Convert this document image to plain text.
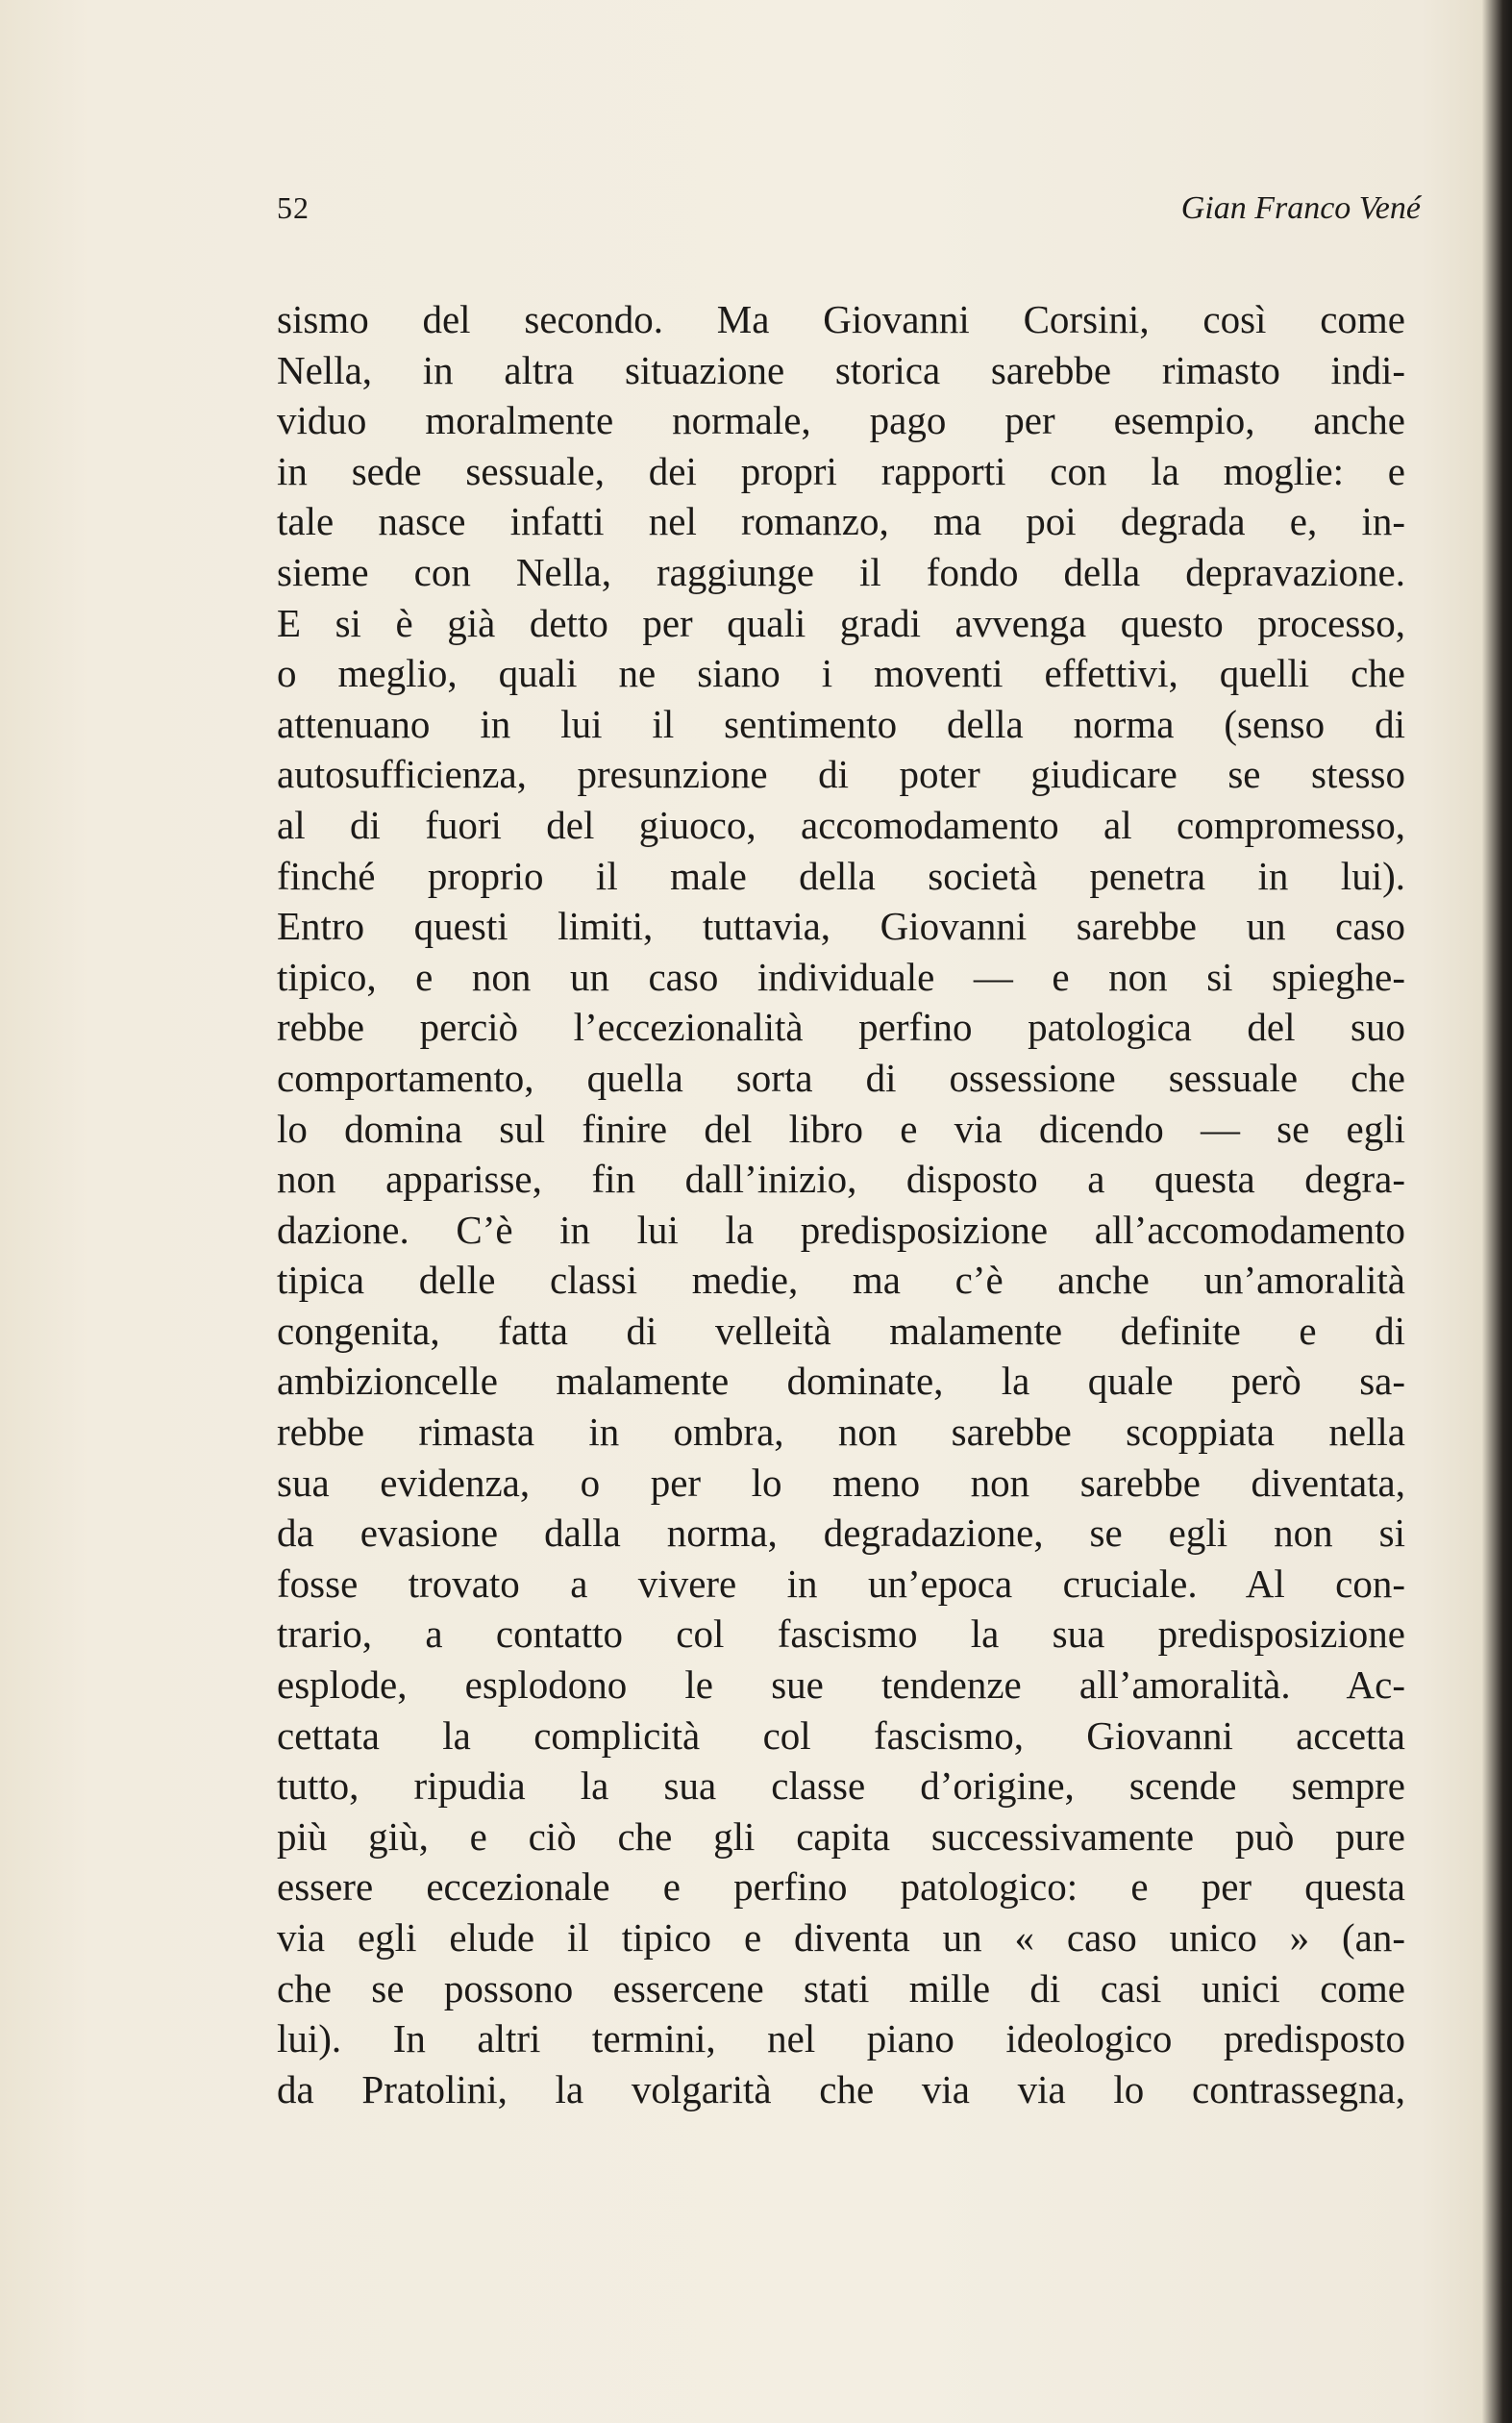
52	Gian Franco Vené
sismo del secondo. Ma Giovanni Corsini, così come
Nella, in altra situazione storica sarebbe rimasto indi-
viduo moralmente normale, pago per esempio, anche
in sede sessuale, dei propri rapporti con la moglie: e
tale nasce infatti nel romanzo, ma poi degrada e, in-
sieme con Nella, raggiunge il fondo della depravazione.
E si è già detto per quali gradi avvenga questo processo,
o meglio, quali ne siano i moventi effettivi, quelli che
attenuano in lui il sentimento della norma (senso di
autosufficienza, presunzione di poter giudicare se stesso
al di fuori del giuoco, accomodamento al compromesso,
finché proprio il male della società penetra in lui).
Entro questi limiti, tuttavia, Giovanni sarebbe un caso
tipico, e non un caso individuale — e non si spieghe-
rebbe perciò l’eccezionalità perfino patologica del suo
comportamento, quella sorta di ossessione sessuale che
lo domina sul finire del libro e via dicendo — se egli
non apparisse, fin dall’inizio, disposto a questa degra-
dazione. C’è in lui la predisposizione all’accomodamento
tipica delle classi medie, ma c’è anche un’amoralità
congenita, fatta di velleità malamente definite e di
ambizioncelle malamente dominate, la quale però sa-
rebbe rimasta in ombra, non sarebbe scoppiata nella
sua evidenza, o per lo meno non sarebbe diventata,
da evasione dalla norma, degradazione, se egli non si
fosse trovato a vivere in un’epoca cruciale. Al con-
trario, a contatto col fascismo la sua predisposizione
esplode, esplodono le sue tendenze all’amoralità. Ac-
cettata la complicità col fascismo, Giovanni accetta
tutto, ripudia la sua classe d’origine, scende sempre
più giù, e ciò che gli capita successivamente può pure
essere eccezionale e perfino patologico: e per questa
via egli elude il tipico e diventa un « caso unico » (an-
che se possono essercene stati mille di casi unici come
lui). In altri termini, nel piano ideologico predisposto
da Pratolini, la volgarità che via via lo contrassegna,
